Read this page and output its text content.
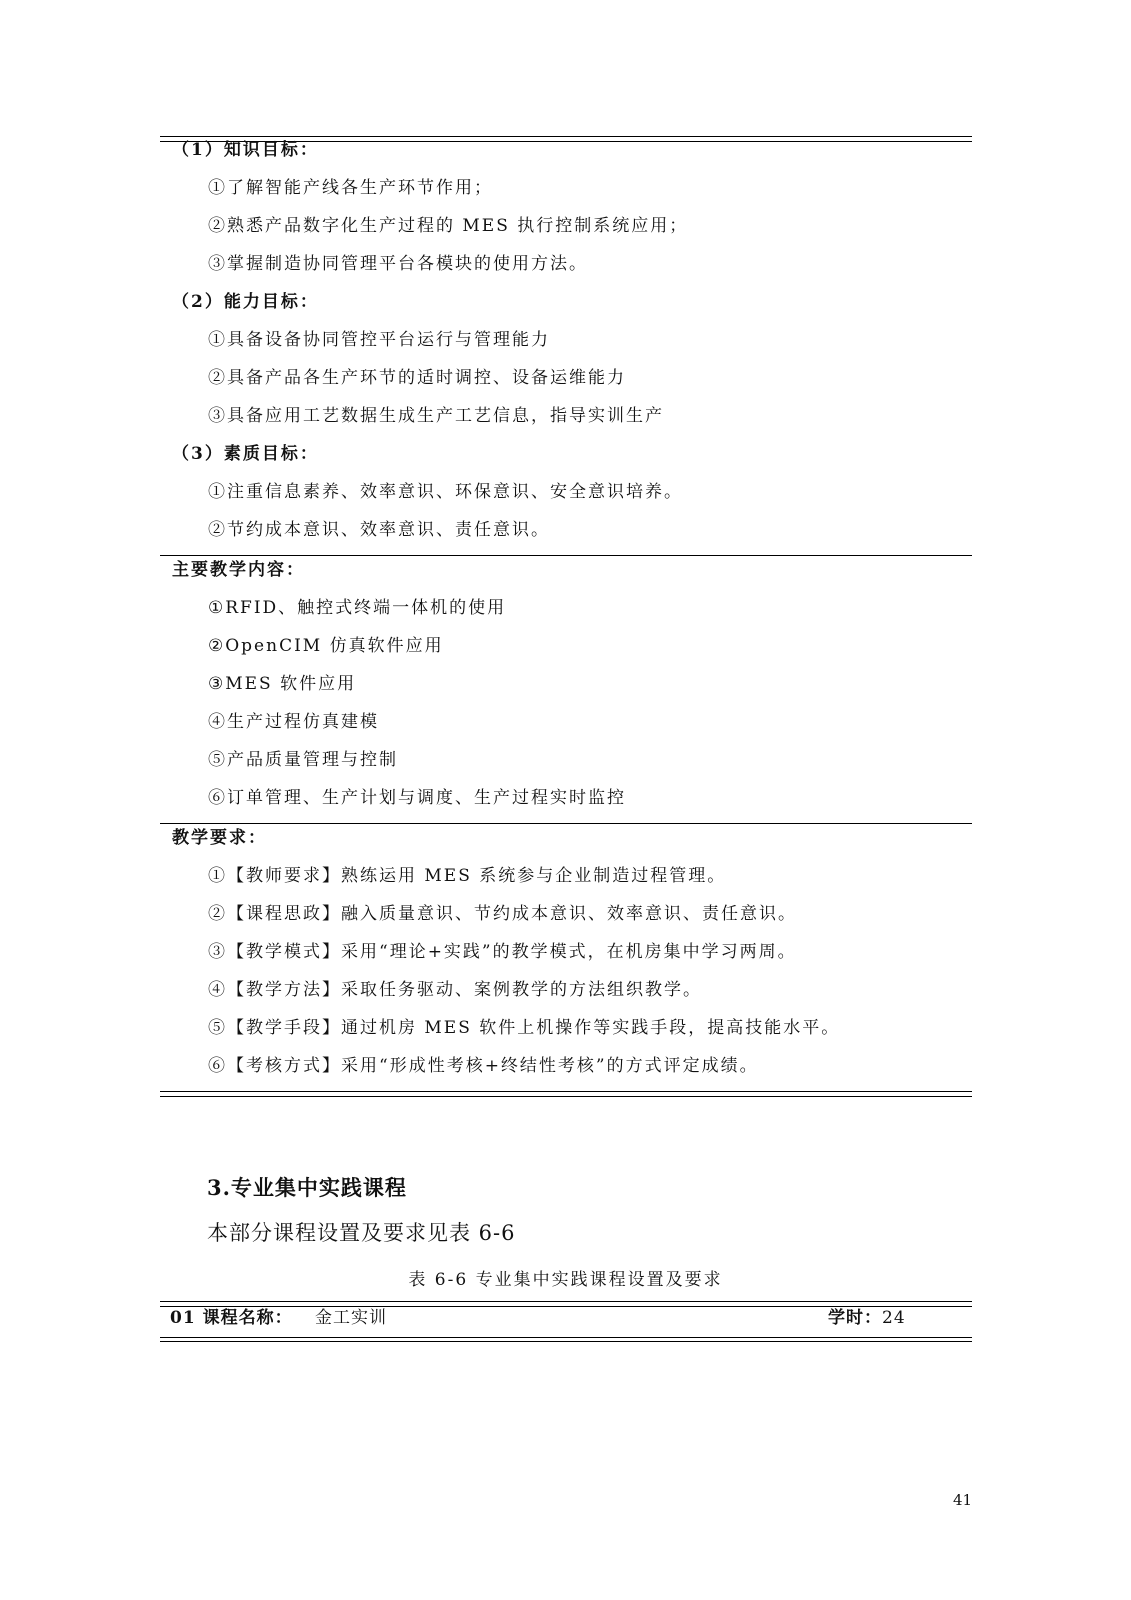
（1）知识目标：
①了解智能产线各生产环节作用；
②熟悉产品数字化生产过程的 MES 执行控制系统应用；
③掌握制造协同管理平台各模块的使用方法。
（2）能力目标：
①具备设备协同管控平台运行与管理能力
②具备产品各生产环节的适时调控、设备运维能力
③具备应用工艺数据生成生产工艺信息，指导实训生产
（3）素质目标：
①注重信息素养、效率意识、环保意识、安全意识培养。
②节约成本意识、效率意识、责任意识。
主要教学内容：
①RFID、触控式终端一体机的使用
②OpenCIM 仿真软件应用
③MES 软件应用
④生产过程仿真建模
⑤产品质量管理与控制
⑥订单管理、生产计划与调度、生产过程实时监控
教学要求：
①【教师要求】熟练运用 MES 系统参与企业制造过程管理。
②【课程思政】融入质量意识、节约成本意识、效率意识、责任意识。
③【教学模式】采用“理论+实践”的教学模式，在机房集中学习两周。
④【教学方法】采取任务驱动、案例教学的方法组织教学。
⑤【教学手段】通过机房 MES 软件上机操作等实践手段，提高技能水平。
⑥【考核方式】采用“形成性考核+终结性考核”的方式评定成绩。
3.专业集中实践课程
本部分课程设置及要求见表 6-6
表 6-6 专业集中实践课程设置及要求
01 课程名称： 金工实训	学时：24
41
